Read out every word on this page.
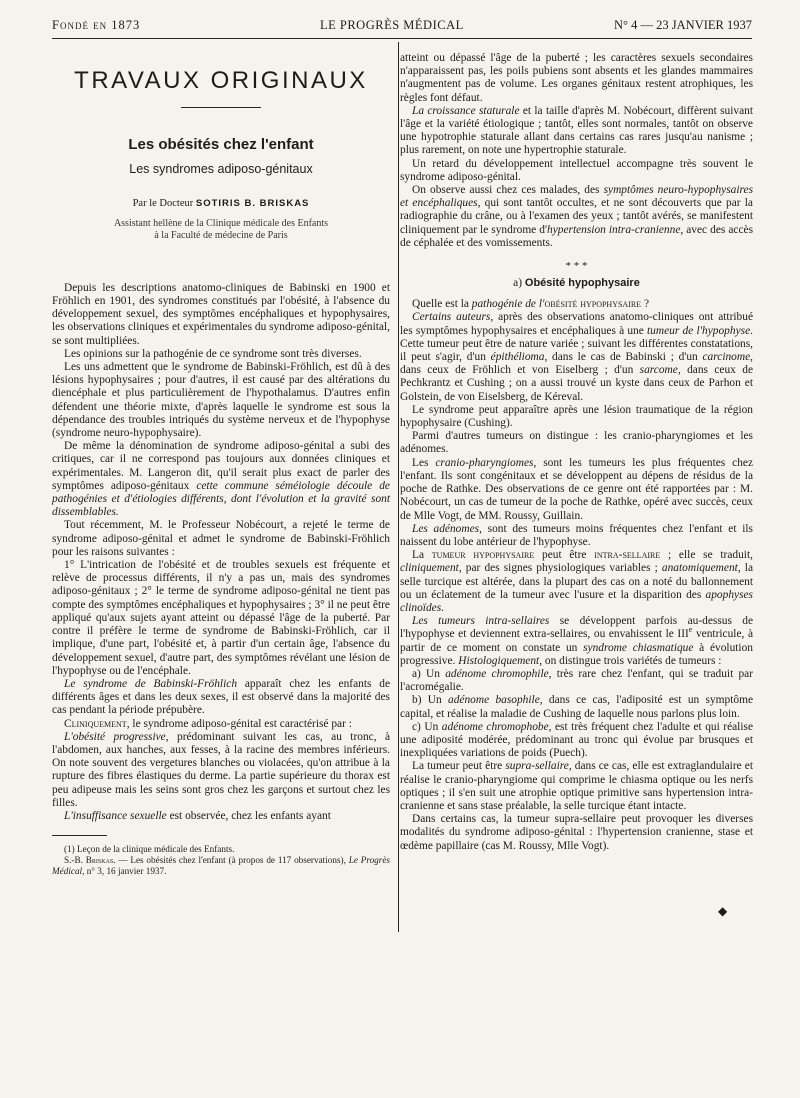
Fondé en 1873	LE PROGRÈS MÉDICAL	N° 4 — 23 JANVIER 1937
TRAVAUX ORIGINAUX
Les obésités chez l'enfant
Les syndromes adiposo-génitaux
Par le Docteur SOTIRIS B. BRISKAS
Assistant hellène de la Clinique médicale des Enfants
à la Faculté de médecine de Paris

Depuis les descriptions anatomo-cliniques de Babinski en 1900 et Fröhlich en 1901, des syndromes constitués par l'obésité, à l'absence du développement sexuel, des symptômes encéphaliques et hypophysaires, les observations cliniques et expérimentales du syndrome adiposo-génital, se sont multipliées.

Les opinions sur la pathogénie de ce syndrome sont très diverses.

Les uns admettent que le syndrome de Babinski-Fröhlich, est dû à des lésions hypophysaires ; pour d'autres, il est causé par des altérations du diencéphale et plus particulièrement de l'hypothalamus. D'autres enfin défendent une théorie mixte, d'après laquelle le syndrome est sous la dépendance des troubles intriqués du système nerveux et de l'hypophyse (syndrome neuro-hypophysaire).

De même la dénomination de syndrome adiposo-génital a subi des critiques, car il ne correspond pas toujours aux données cliniques et expérimentales. M. Langeron dit, qu'il serait plus exact de parler des symptômes adiposo-génitaux cette commune séméiologie découle de pathogénies et d'étiologies différents, dont l'évolution et la gravité sont dissemblables.

Tout récemment, M. le Professeur Nobécourt, a rejeté le terme de syndrome adiposo-génital et admet le syndrome de Babinski-Fröhlich pour les raisons suivantes :

1° L'intrication de l'obésité et de troubles sexuels est fréquente et relève de processus différents, il n'y a pas un, mais des syndromes adiposo-génitaux ; 2° le terme de syndrome adiposo-génital ne tient pas compte des symptômes encéphaliques et hypophysaires ; 3° il ne peut être appliqué qu'aux sujets ayant atteint ou dépassé l'âge de la puberté. Par contre il préfère le terme de syndrome de Babinski-Fröhlich, car il implique, d'une part, l'obésité et, à partir d'un certain âge, l'absence du développement sexuel, d'autre part, des symptômes révélant une lésion de l'hypophyse ou de l'encéphale.

Le syndrome de Babinski-Fröhlich apparaît chez les enfants de différents âges et dans les deux sexes, il est observé dans la majorité des cas pendant la période prépubère.

Cliniquement, le syndrome adiposo-génital est caractérisé par :

L'obésité progressive, prédominant suivant les cas, au tronc, à l'abdomen, aux hanches, aux fesses, à la racine des membres inférieurs. On note souvent des vergetures blanches ou violacées, qu'on attribue à la rupture des fibres élastiques du derme. La partie supérieure du thorax est peu adipeuse mais les seins sont gros chez les garçons et surtout chez les filles.

L'insuffisance sexuelle est observée, chez les enfants ayant

(1) Leçon de la clinique médicale des Enfants.

S.-B. Briskas. — Les obésités chez l'enfant (à propos de 117 observations), Le Progrès Médical, n° 3, 16 janvier 1937.

atteint ou dépassé l'âge de la puberté ; les caractères sexuels secondaires n'apparaissent pas, les poils pubiens sont absents et les glandes mammaires n'augmentent pas de volume. Les organes génitaux restent atrophiques, les règles font défaut.

La croissance staturale et la taille d'après M. Nobécourt, diffèrent suivant l'âge et la variété étiologique ; tantôt, elles sont normales, tantôt on observe une hypotrophie staturale allant dans certains cas rares jusqu'au nanisme ; plus rarement, on note une hypertrophie staturale.

Un retard du développement intellectuel accompagne très souvent le syndrome adiposo-génital.

On observe aussi chez ces malades, des symptômes neuro-hypophysaires et encéphaliques, qui sont tantôt occultes, et ne sont découverts que par la radiographie du crâne, ou à l'examen des yeux ; tantôt avérés, se manifestent cliniquement par le syndrome d'hypertension intra-cranienne, avec des accès de céphalée et des vomissements.

* * *
a) Obésité hypophysaire

Quelle est la pathogénie de l'obésité hypophysaire ?

Certains auteurs, après des observations anatomo-cliniques ont attribué les symptômes hypophysaires et encéphaliques à une tumeur de l'hypophyse. Cette tumeur peut être de nature variée ; suivant les différentes constatations, il peut s'agir, d'un épithélioma, dans le cas de Babinski ; d'un carcinome, dans ceux de Fröhlich et von Eiselberg ; d'un sarcome, dans ceux de Pechkrantz et Cushing ; on a aussi trouvé un kyste dans ceux de Parhon et Golstein, de von Eiselsberg, de Kéreval.

Le syndrome peut apparaître après une lésion traumatique de la région hypophysaire (Cushing).

Parmi d'autres tumeurs on distingue : les cranio-pharyngiomes et les adénomes.

Les cranio-pharyngiomes, sont les tumeurs les plus fréquentes chez l'enfant. Ils sont congénitaux et se développent au dépens de résidus de la poche de Rathke. Des observations de ce genre ont été rapportées par : M. Nobécourt, un cas de tumeur de la poche de Rathke, opéré avec succès, ceux de Mlle Vogt, de MM. Roussy, Guillain.

Les adénomes, sont des tumeurs moins fréquentes chez l'enfant et ils naissent du lobe antérieur de l'hypophyse.

La tumeur hypophysaire peut être intra-sellaire ; elle se traduit, cliniquement, par des signes physiologiques variables ; anatomiquement, la selle turcique est altérée, dans la plupart des cas on a noté du ballonnement ou un éclatement de la tumeur avec l'usure et la disparition des apophyses clinoïdes.

Les tumeurs intra-sellaires se développent parfois au-dessus de l'hypophyse et deviennent extra-sellaires, ou envahissent le IIIe ventricule, à partir de ce moment on constate un syndrome chiasmatique à évolution progressive. Histologiquement, on distingue trois variétés de tumeurs :

a) Un adénome chromophile, très rare chez l'enfant, qui se traduit par l'acromégalie.

b) Un adénome basophile, dans ce cas, l'adiposité est un symptôme capital, et réalise la maladie de Cushing de laquelle nous parlons plus loin.

c) Un adénome chromophobe, est très fréquent chez l'adulte et qui réalise une adiposité modérée, prédominant au tronc qui évolue par brusques et inexpliquées variations de poids (Puech).

La tumeur peut être supra-sellaire, dans ce cas, elle est extraglandulaire et réalise le cranio-pharyngiome qui comprime le chiasma optique ou les nerfs optiques ; il s'en suit une atrophie optique primitive sans hypertension intra-cranienne et sans stase préalable, la selle turcique étant intacte.

Dans certains cas, la tumeur supra-sellaire peut provoquer les diverses modalités du syndrome adiposo-génital : l'hypertension cranienne, stase et œdème papillaire (cas M. Roussy, Mlle Vogt).

◆
